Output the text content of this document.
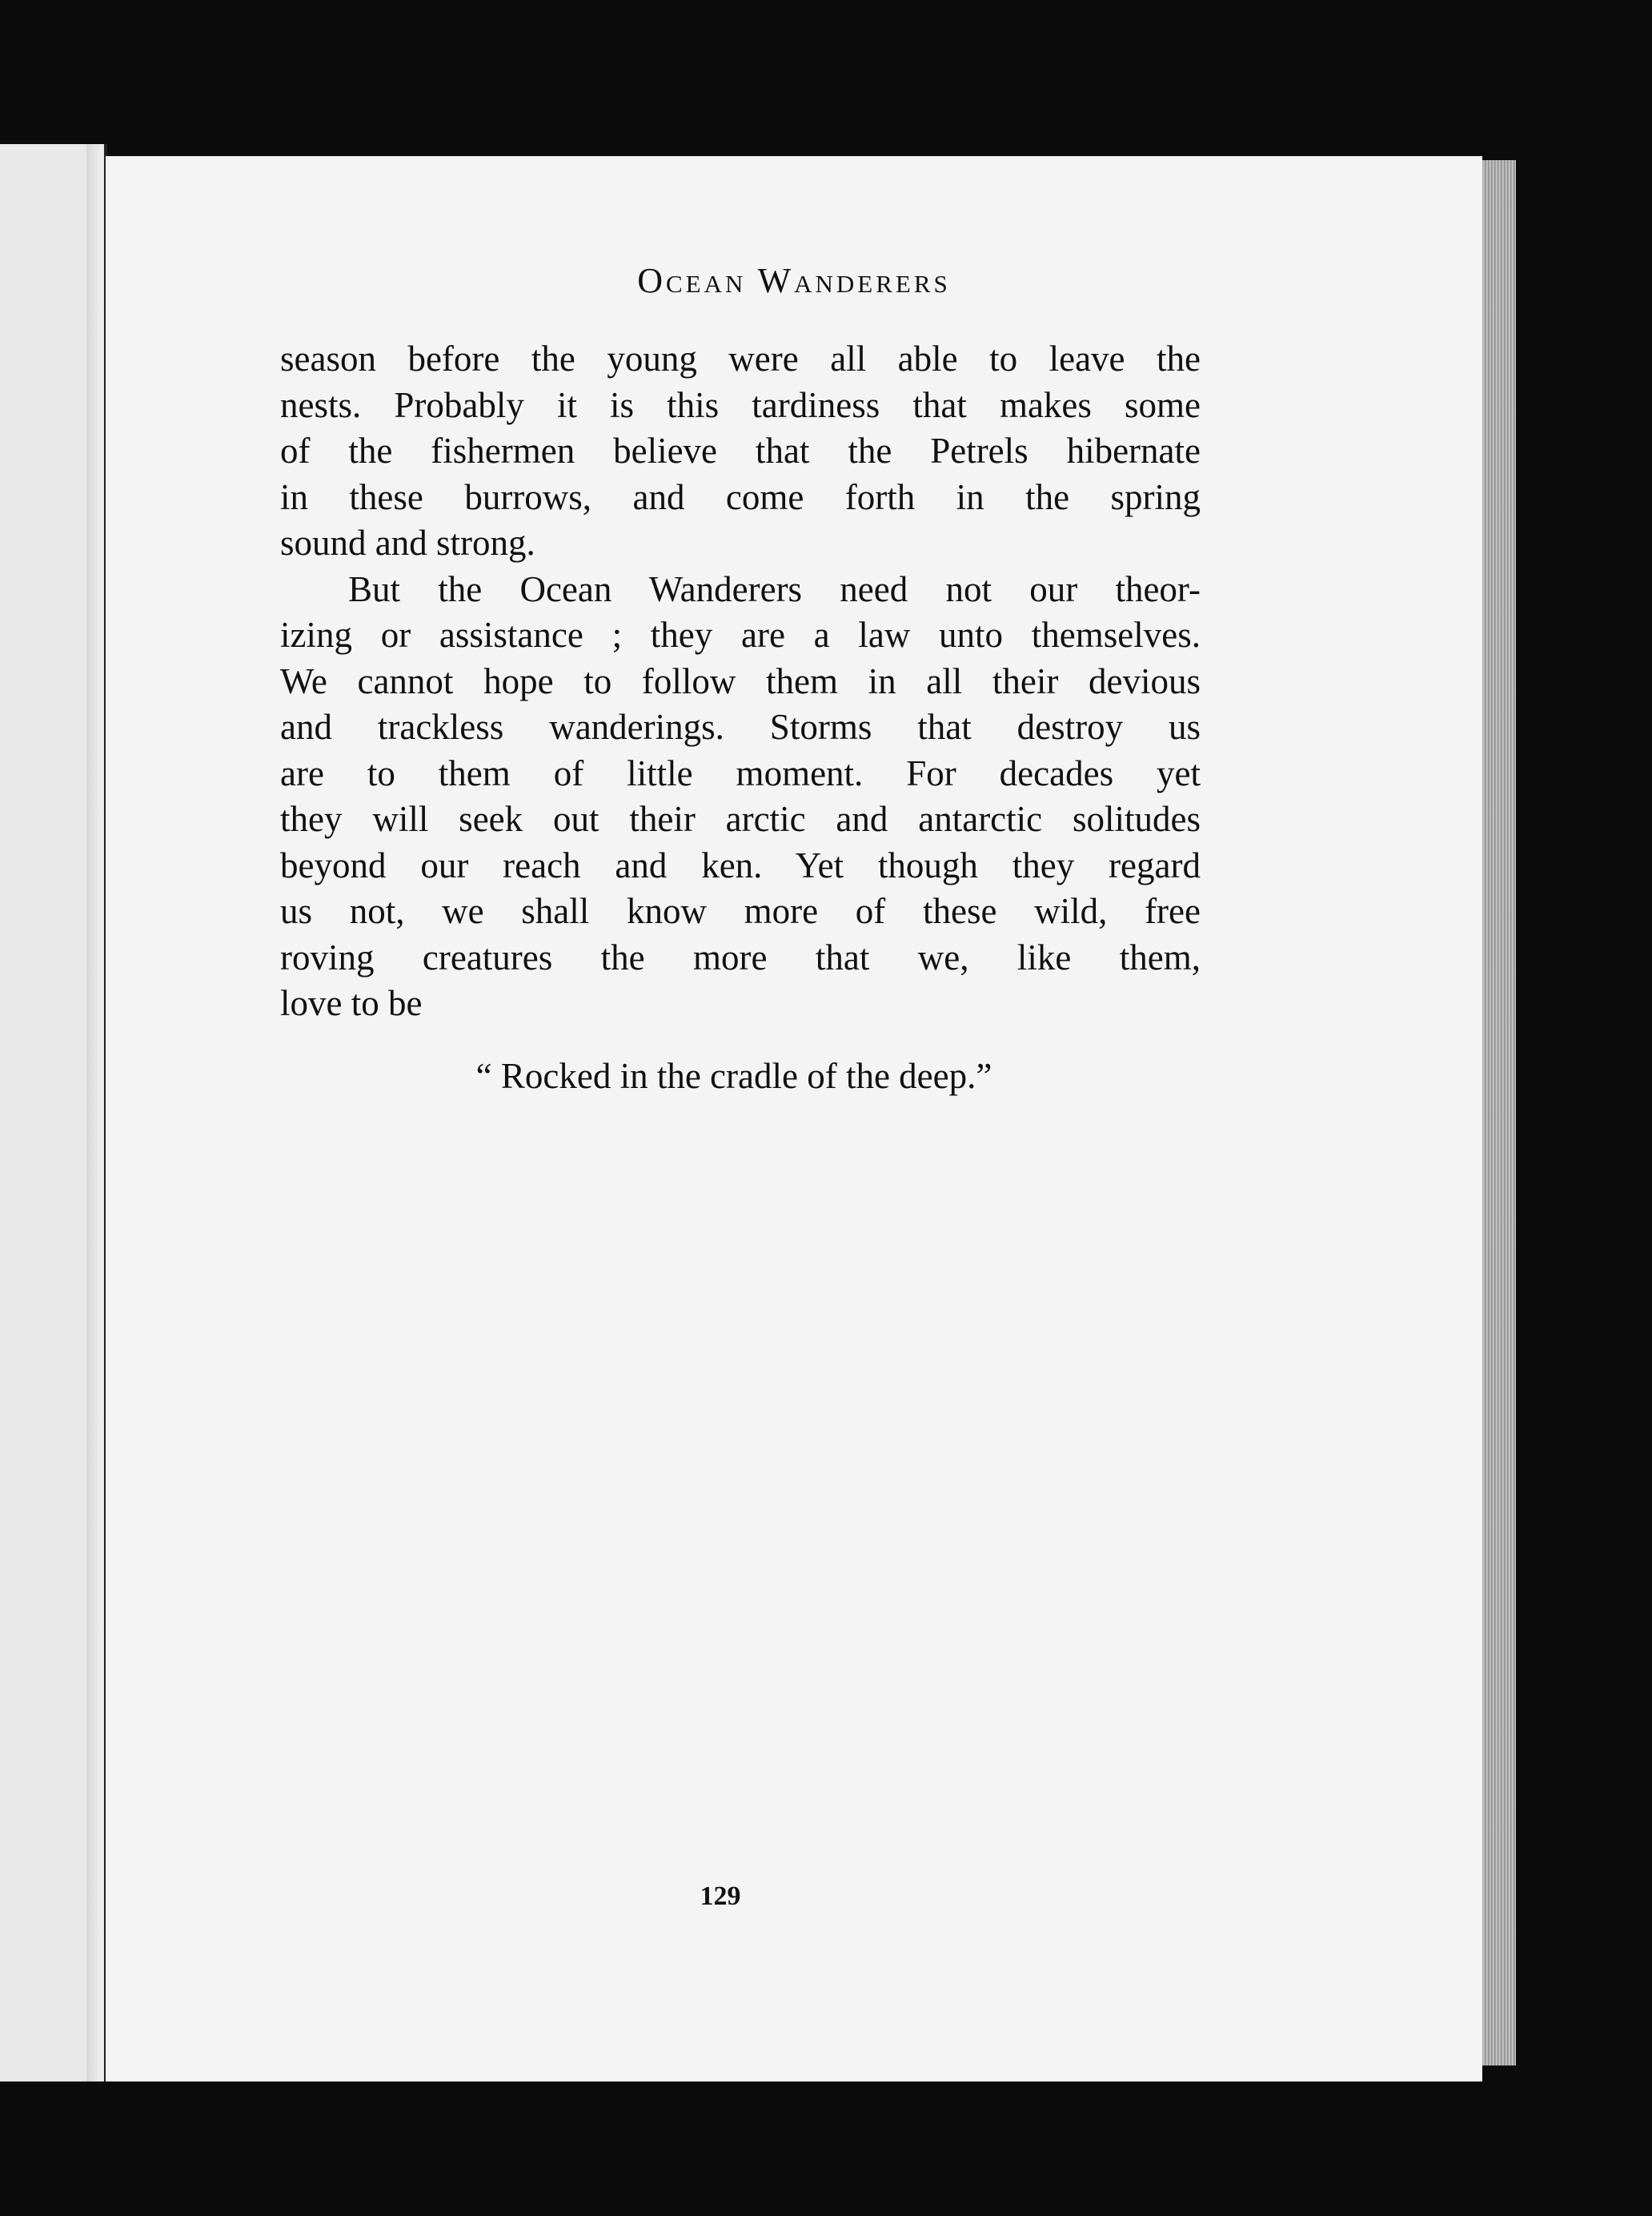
Ocean Wanderers

season before the young were all able to leave the
nests. Probably it is this tardiness that makes some
of the fishermen believe that the Petrels hibernate
in these burrows, and come forth in the spring
sound and strong.

But the Ocean Wanderers need not our theor-
izing or assistance ; they are a law unto themselves.
We cannot hope to follow them in all their devious
and trackless wanderings. Storms that destroy us
are to them of little moment. For decades yet
they will seek out their arctic and antarctic solitudes
beyond our reach and ken. Yet though they regard
us not, we shall know more of these wild, free
roving creatures the more that we, like them,
love to be

“ Rocked in the cradle of the deep.”
129
